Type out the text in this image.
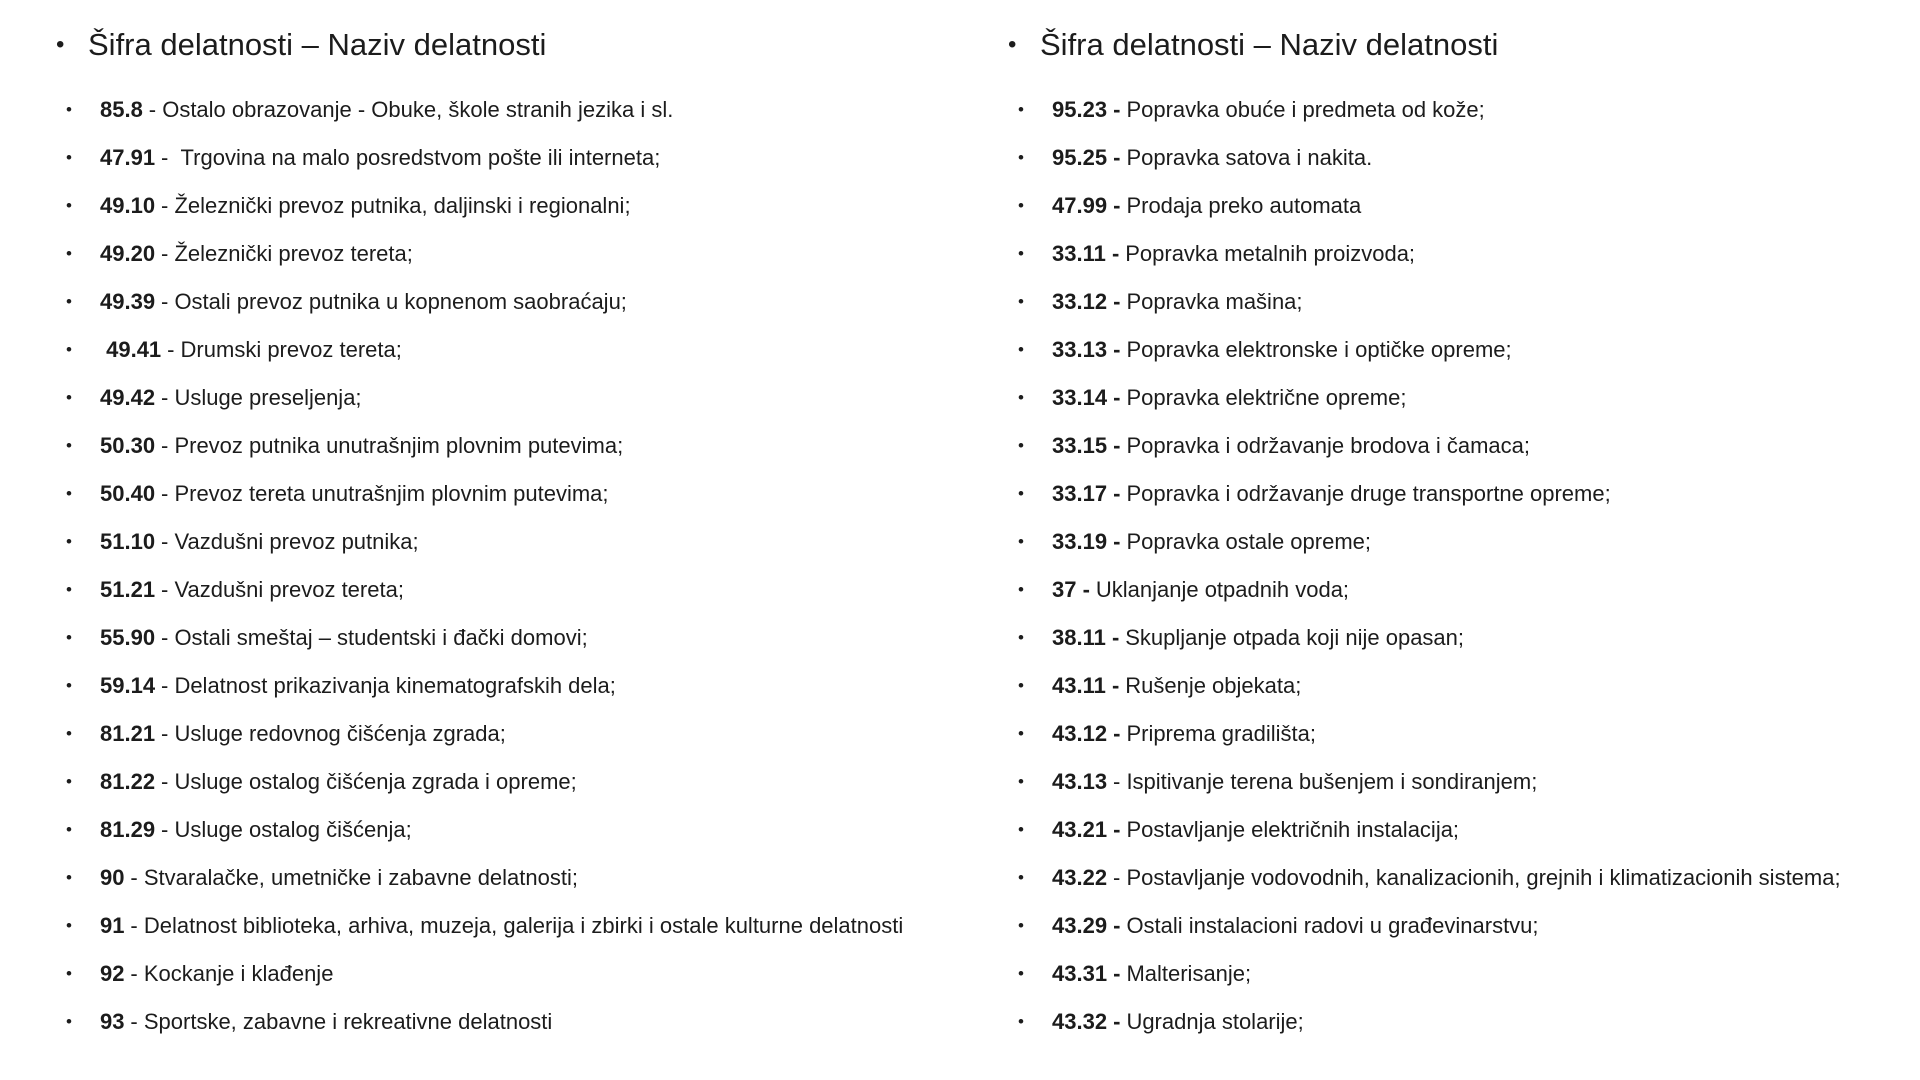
• Šifra delatnosti – Naziv delatnosti
•	85.8 - Ostalo obrazovanje - Obuke, škole stranih jezika i sl.
•	47.91 -  Trgovina na malo posredstvom pošte ili interneta;
•	49.10 - Železnički prevoz putnika, daljinski i regionalni;
•	49.20 - Železnički prevoz tereta;
•	49.39 - Ostali prevoz putnika u kopnenom saobraćaju;
•	49.41 - Drumski prevoz tereta;
•	49.42 - Usluge preseljenja;
•	50.30 - Prevoz putnika unutrašnjim plovnim putevima;
•	50.40 - Prevoz tereta unutrašnjim plovnim putevima;
•	51.10 - Vazdušni prevoz putnika;
•	51.21 - Vazdušni prevoz tereta;
•	55.90 - Ostali smeštaj – studentski i đački domovi;
•	59.14 - Delatnost prikazivanja kinematografskih dela;
•	81.21 - Usluge redovnog čišćenja zgrada;
•	81.22 - Usluge ostalog čišćenja zgrada i opreme;
•	81.29 - Usluge ostalog čišćenja;
•	90 - Stvaralačke, umetničke i zabavne delatnosti;
•	91 - Delatnost biblioteka, arhiva, muzeja, galerija i zbirki i ostale kulturne delatnosti
•	92 - Kockanje i klađenje
•	93 - Sportske, zabavne i rekreativne delatnosti
• Šifra delatnosti – Naziv delatnosti
•	95.23 - Popravka obuće i predmeta od kože;
•	95.25 - Popravka satova i nakita.
•	47.99 - Prodaja preko automata
•	33.11 - Popravka metalnih proizvoda;
•	33.12 - Popravka mašina;
•	33.13 - Popravka elektronske i optičke opreme;
•	33.14 - Popravka električne opreme;
•	33.15 - Popravka i održavanje brodova i čamaca;
•	33.17 - Popravka i održavanje druge transportne opreme;
•	33.19 - Popravka ostale opreme;
•	37 - Uklanjanje otpadnih voda;
•	38.11 - Skupljanje otpada koji nije opasan;
•	43.11 - Rušenje objekata;
•	43.12 - Priprema gradilišta;
•	43.13 - Ispitivanje terena bušenjem i sondiranjem;
•	43.21 - Postavljanje električnih instalacija;
•	43.22 - Postavljanje vodovodnih, kanalizacionih, grejnih i klimatizacionih sistema;
•	43.29 - Ostali instalacioni radovi u građevinarstvu;
•	43.31 - Malterisanje;
•	43.32 - Ugradnja stolarije;
